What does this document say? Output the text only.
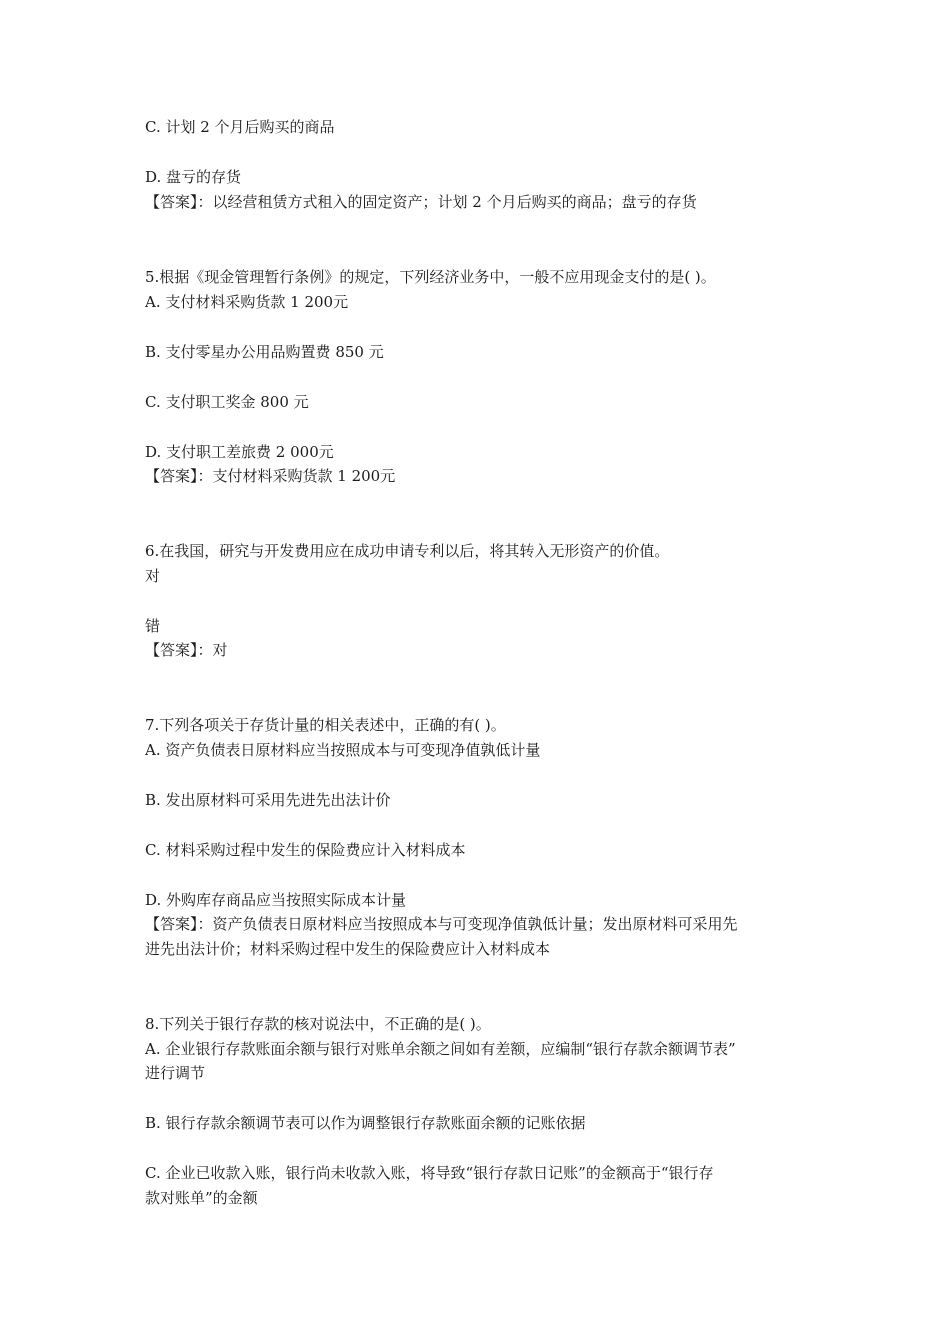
C. 计划 2 个月后购买的商品
D. 盘亏的存货
【答案】：以经营租赁方式租入的固定资产；计划 2 个月后购买的商品；盘亏的存货
5.根据《现金管理暂行条例》的规定，下列经济业务中，一般不应用现金支付的是( )。
A. 支付材料采购货款 1 200元
B. 支付零星办公用品购置费 850 元
C. 支付职工奖金 800 元
D. 支付职工差旅费 2 000元
【答案】：支付材料采购货款 1 200元
6.在我国，研究与开发费用应在成功申请专利以后，将其转入无形资产的价值。
对
错
【答案】：对
7.下列各项关于存货计量的相关表述中，正确的有( )。
A. 资产负债表日原材料应当按照成本与可变现净值孰低计量
B. 发出原材料可采用先进先出法计价
C. 材料采购过程中发生的保险费应计入材料成本
D. 外购库存商品应当按照实际成本计量
【答案】：资产负债表日原材料应当按照成本与可变现净值孰低计量；发出原材料可采用先
进先出法计价；材料采购过程中发生的保险费应计入材料成本
8.下列关于银行存款的核对说法中，不正确的是( )。
A. 企业银行存款账面余额与银行对账单余额之间如有差额，应编制“银行存款余额调节表”
进行调节
B. 银行存款余额调节表可以作为调整银行存款账面余额的记账依据
C. 企业已收款入账，银行尚未收款入账，将导致“银行存款日记账”的金额高于“银行存
款对账单”的金额
